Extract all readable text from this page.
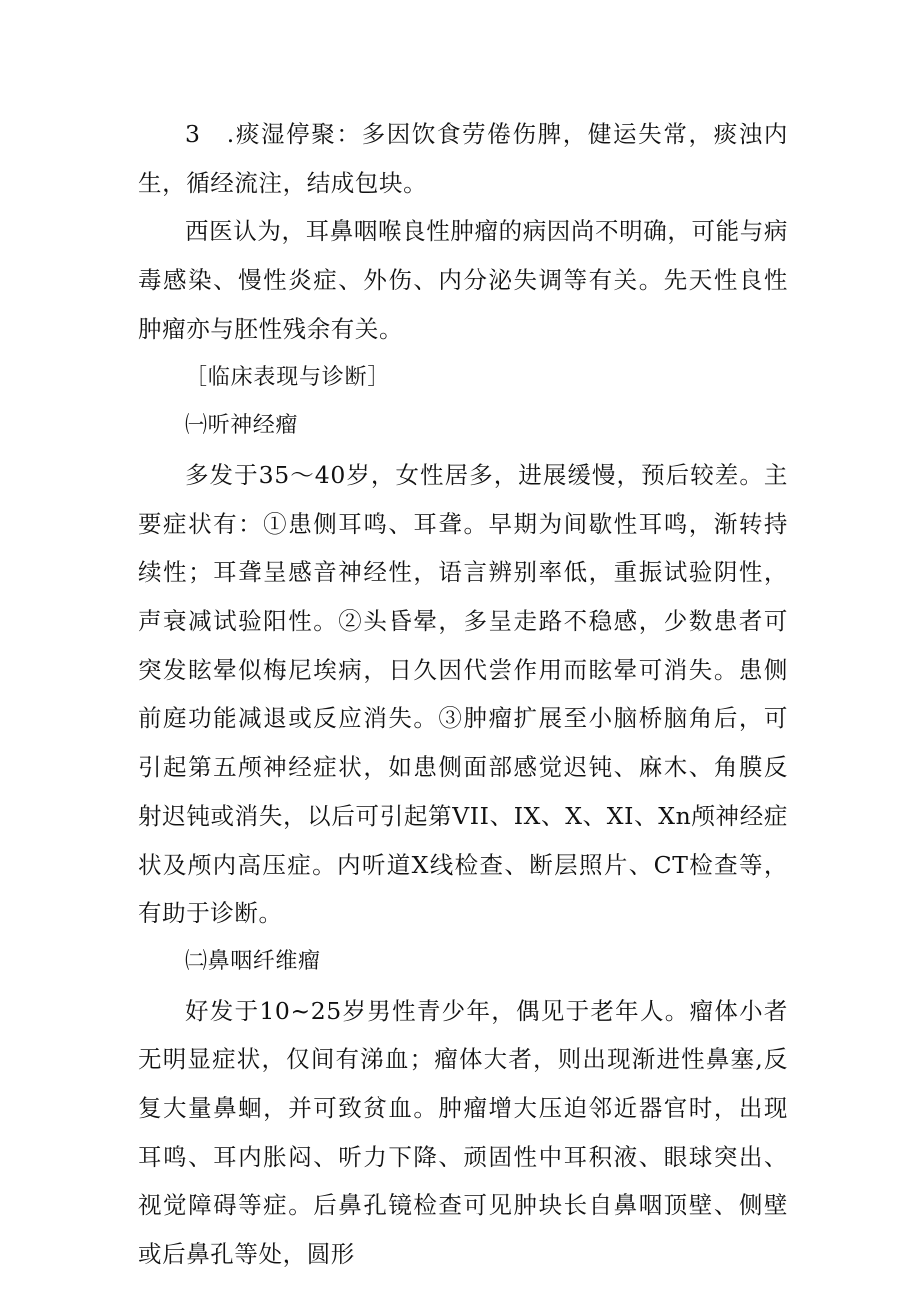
3　.痰湿停聚：多因饮食劳倦伤脾，健运失常，痰浊内生，循经流注，结成包块。

西医认为，耳鼻咽喉良性肿瘤的病因尚不明确，可能与病毒感染、慢性炎症、外伤、内分泌失调等有关。先天性良性肿瘤亦与胚性残余有关。

［临床表现与诊断］

㈠听神经瘤

多发于35～40岁，女性居多，进展缓慢，预后较差。主要症状有：①患侧耳鸣、耳聋。早期为间歇性耳鸣，渐转持续性；耳聋呈感音神经性，语言辨别率低，重振试验阴性，声衰减试验阳性。②头昏晕，多呈走路不稳感，少数患者可突发眩晕似梅尼埃病，日久因代尝作用而眩晕可消失。患侧前庭功能减退或反应消失。③肿瘤扩展至小脑桥脑角后，可引起第五颅神经症状，如患侧面部感觉迟钝、麻木、角膜反射迟钝或消失，以后可引起第VII、IX、X、XI、Xn颅神经症状及颅内高压症。内听道X线检查、断层照片、CT检查等，有助于诊断。

㈡鼻咽纤维瘤

好发于10~25岁男性青少年，偶见于老年人。瘤体小者无明显症状，仅间有涕血；瘤体大者，则出现渐进性鼻塞,反复大量鼻蛔，并可致贫血。肿瘤增大压迫邻近器官时，出现耳鸣、耳内胀闷、听力下降、顽固性中耳积液、眼球突出、视觉障碍等症。后鼻孔镜检查可见肿块长自鼻咽顶壁、侧壁或后鼻孔等处，圆形
